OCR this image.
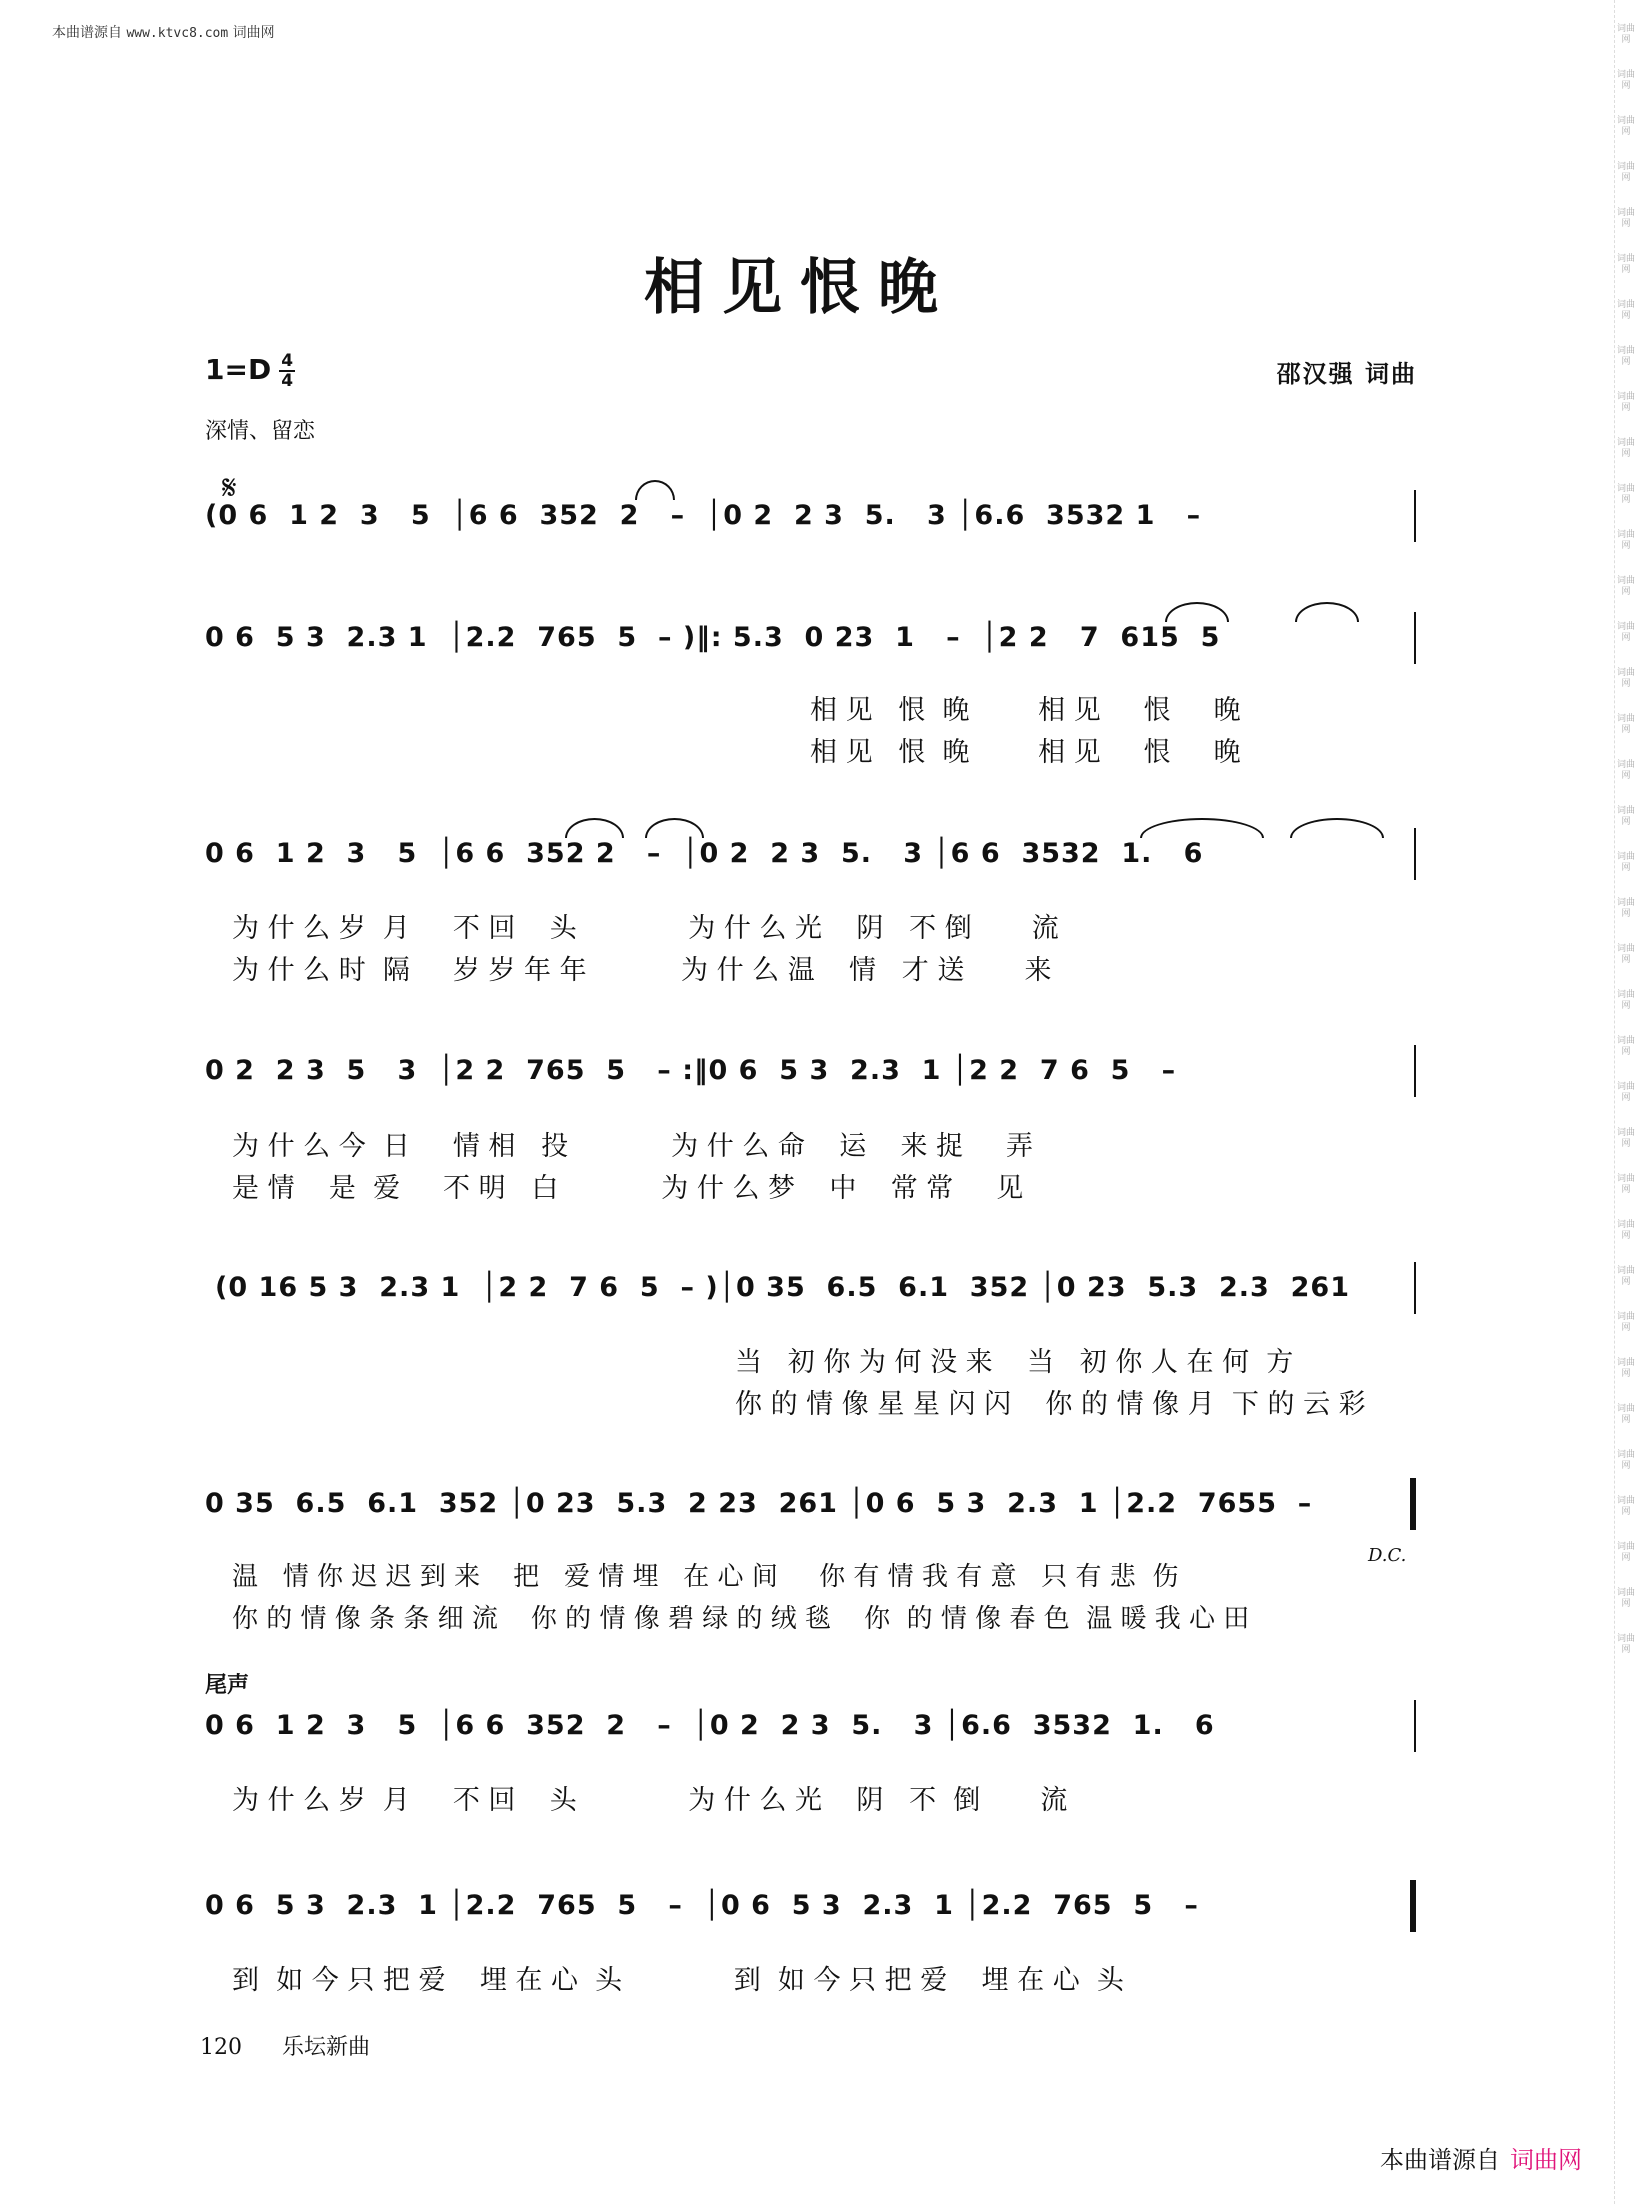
本曲谱源自 www.ktvc8.com 词曲网	词曲网
词曲网
词曲网
词曲网
词曲网
词曲网
词曲网
词曲网
词曲网
词曲网
词曲网
词曲网
词曲网
词曲网
词曲网
词曲网
词曲网
词曲网
词曲网
词曲网
词曲网
词曲网
词曲网
词曲网
词曲网
词曲网
词曲网
词曲网
词曲网
词曲网
词曲网
词曲网
词曲网
词曲网
词曲网
词曲网
相见恨晚
$1=D \frac{4}{4}$	邵汉强 词曲
深情、留恋
𝄋
(0 6  1 2  3   5  │6 6  352  2   –  │0 2  2 3  5.   3 │6.6  3532 1   –
0 6  5 3  2.3 1  │2.2  765  5  – )‖: 5.3  0 23  1   –  │2 2   7  615  5
相 见   恨  晚        相 见     恨     晚
相 见   恨  晚        相 见     恨     晚
0 6  1 2  3   5  │6 6  352 2   –  │0 2  2 3  5.   3 │6 6  3532  1.   6
为 什 么 岁  月     不 回    头             为 什 么 光    阴   不 倒       流
为 什 么 时  隔     岁 岁 年 年           为 什 么 温    情   才 送       来
0 2  2 3  5   3  │2 2  765  5   – :‖0 6  5 3  2.3  1 │2 2  7 6  5   –
为 什 么 今  日     情 相   投            为 什 么 命    运    来 捉     弄
是 情    是  爱     不 明   白            为 什 么 梦    中    常 常     见
(0 16 5 3  2.3 1  │2 2  7 6  5  – )│0 35  6.5  6.1  352 │0 23  5.3  2.3  261
当   初 你 为 何 没 来    当   初 你 人 在 何  方
你 的 情 像 星 星 闪 闪    你 的 情 像 月  下 的 云 彩
0 35  6.5  6.1  352 │0 23  5.3  2 23  261 │0 6  5 3  2.3  1 │2.2  7655  –
D.C.
温   情 你 迟 迟 到 来    把   爱 情 埋   在 心 间     你 有 情 我 有 意   只 有 悲  伤
你 的 情 像 条 条 细 流    你 的 情 像 碧 绿 的 绒 毯    你  的 情 像 春 色  温 暖 我 心 田
尾声
0 6  1 2  3   5  │6 6  352  2   –  │0 2  2 3  5.   3 │6.6  3532  1.   6
为 什 么 岁  月     不 回    头             为 什 么 光    阴   不  倒       流
0 6  5 3  2.3  1 │2.2  765  5   –  │0 6  5 3  2.3  1 │2.2  765  5   –
到  如 今 只 把 爱    埋 在 心  头             到  如 今 只 把 爱    埋 在 心  头
120 乐坛新曲
本曲谱源自 词曲网
